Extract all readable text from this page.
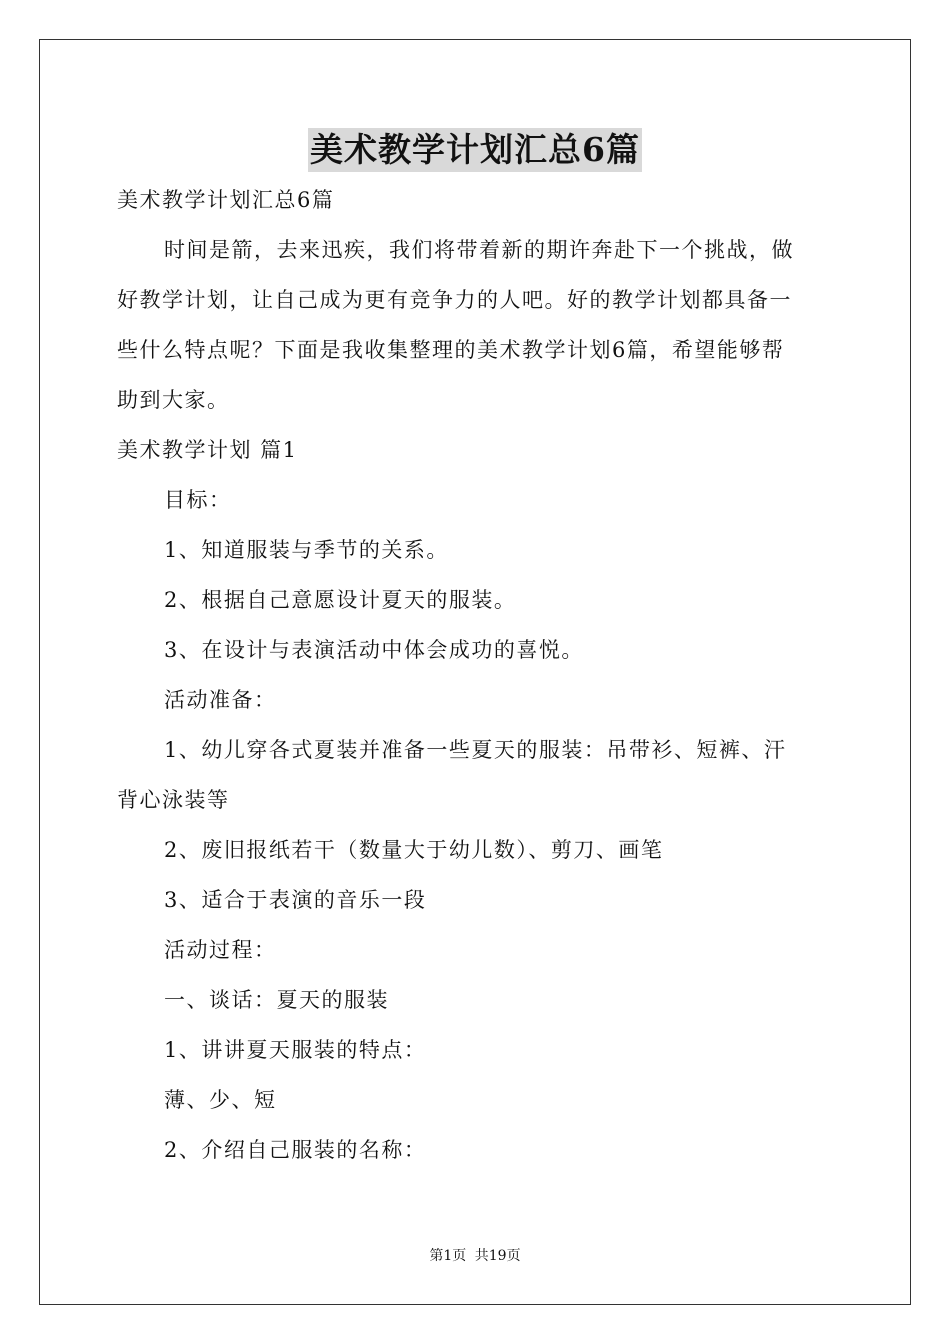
美术教学计划汇总6篇
美术教学计划汇总6篇
时间是箭，去来迅疾，我们将带着新的期许奔赴下一个挑战，做
好教学计划，让自己成为更有竞争力的人吧。好的教学计划都具备一
些什么特点呢？下面是我收集整理的美术教学计划6篇，希望能够帮
助到大家。
美术教学计划 篇1
目标：
1、知道服装与季节的关系。
2、根据自己意愿设计夏天的服装。
3、在设计与表演活动中体会成功的喜悦。
活动准备：
1、幼儿穿各式夏装并准备一些夏天的服装：吊带衫、短裤、汗
背心泳装等
2、废旧报纸若干（数量大于幼儿数）、剪刀、画笔
3、适合于表演的音乐一段
活动过程：
一、谈话：夏天的服装
1、讲讲夏天服装的特点：
薄、少、短
2、介绍自己服装的名称：
第1页 共19页
